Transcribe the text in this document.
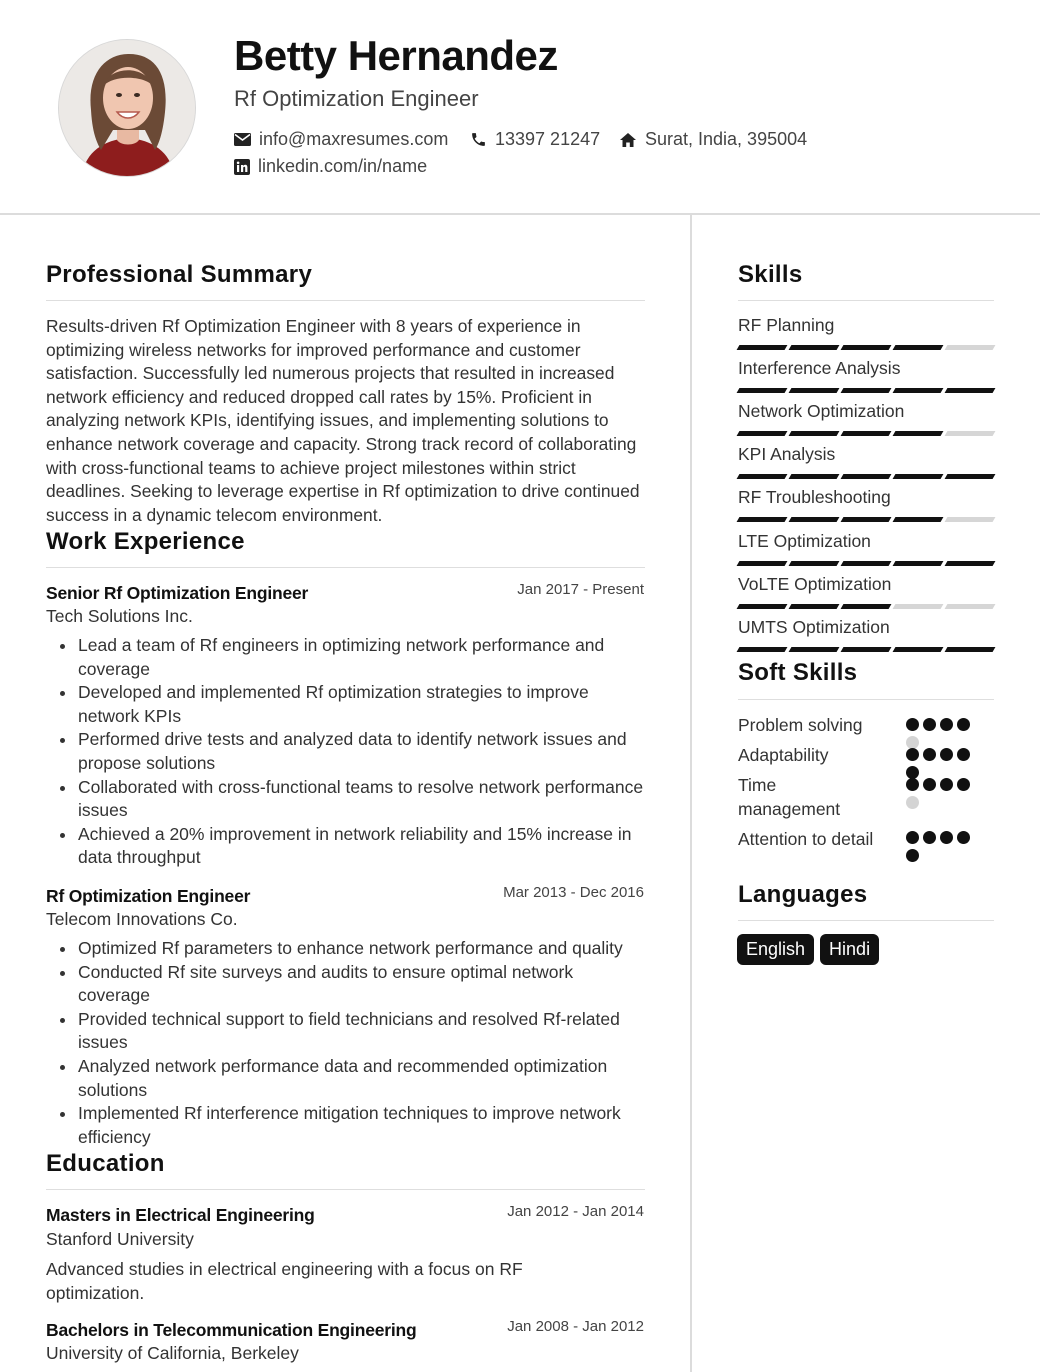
Betty Hernandez
Rf Optimization Engineer
info@maxresumes.com	13397 21247 Surat, India, 395004
linkedin.com/in/name
Professional Summary
Results-driven Rf Optimization Engineer with 8 years of experience in optimizing wireless networks for improved performance and customer satisfaction. Successfully led numerous projects that resulted in increased network efficiency and reduced dropped call rates by 15%. Proficient in analyzing network KPIs, identifying issues, and implementing solutions to enhance network coverage and capacity. Strong track record of collaborating with cross-functional teams to achieve project milestones within strict deadlines. Seeking to leverage expertise in Rf optimization to drive continued success in a dynamic telecom environment.
Work Experience
Senior Rf Optimization Engineer	Jan 2017 - Present
Tech Solutions Inc.
Lead a team of Rf engineers in optimizing network performance and coverage
Developed and implemented Rf optimization strategies to improve network KPIs
Performed drive tests and analyzed data to identify network issues and propose solutions
Collaborated with cross-functional teams to resolve network performance issues
Achieved a 20% improvement in network reliability and 15% increase in data throughput
Rf Optimization Engineer	Mar 2013 - Dec 2016
Telecom Innovations Co.
Optimized Rf parameters to enhance network performance and quality
Conducted Rf site surveys and audits to ensure optimal network coverage
Provided technical support to field technicians and resolved Rf-related issues
Analyzed network performance data and recommended optimization solutions
Implemented Rf interference mitigation techniques to improve network efficiency
Education
Masters in Electrical Engineering	Jan 2012 - Jan 2014
Stanford University
Advanced studies in electrical engineering with a focus on RF optimization.
Bachelors in Telecommunication Engineering	Jan 2008 - Jan 2012
University of California, Berkeley
Skills
RF Planning
Interference Analysis
Network Optimization
KPI Analysis
RF Troubleshooting
LTE Optimization
VoLTE Optimization
UMTS Optimization
Soft Skills
Problem solving
Adaptability
Time management
Attention to detail
Languages
English	Hindi
